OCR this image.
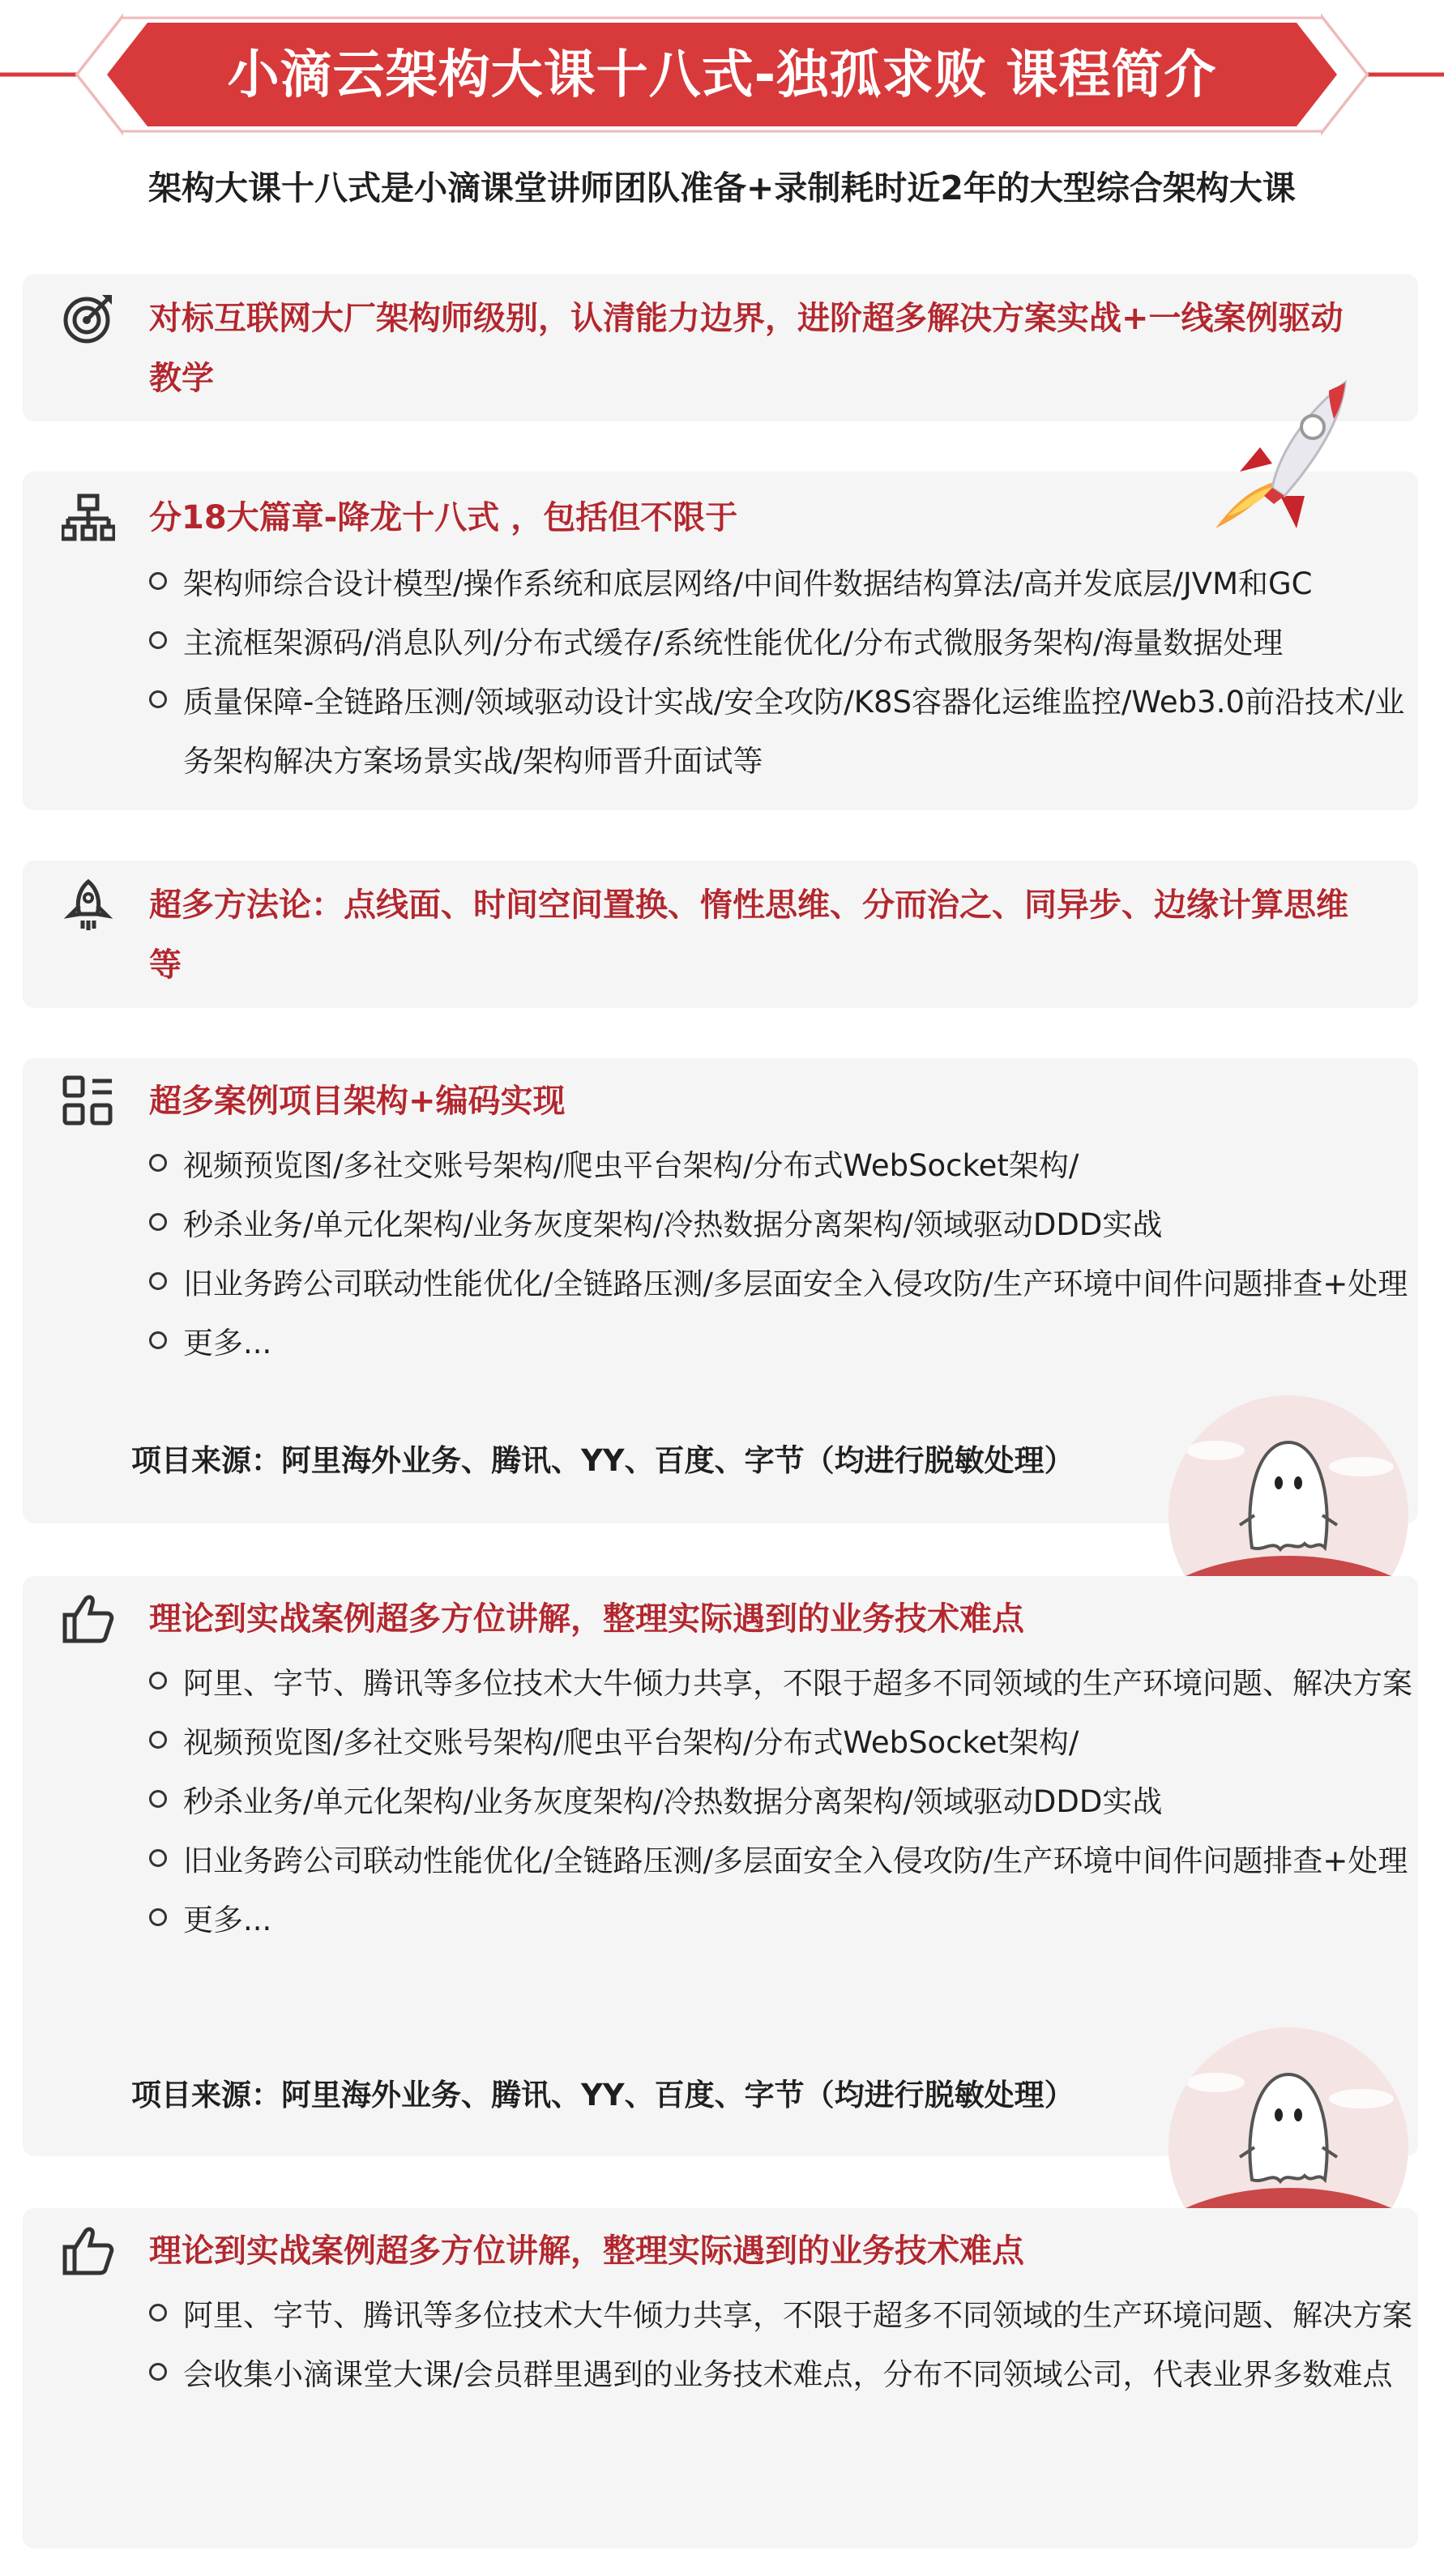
小滴云架构大课十八式-独孤求败 课程简介
架构大课十八式是小滴课堂讲师团队准备+录制耗时近2年的大型综合架构大课
对标互联网大厂架构师级别，认清能力边界，进阶超多解决方案实战+一线案例驱动教学
分18大篇章-降龙十八式 ，包括但不限于
架构师综合设计模型/操作系统和底层网络/中间件数据结构算法/高并发底层/JVM和GC
主流框架源码/消息队列/分布式缓存/系统性能优化/分布式微服务架构/海量数据处理
质量保障-全链路压测/领域驱动设计实战/安全攻防/K8S容器化运维监控/Web3.0前沿技术/业务架构解决方案场景实战/架构师晋升面试等
超多方法论：点线面、时间空间置换、惰性思维、分而治之、同异步、边缘计算思维等
超多案例项目架构+编码实现
视频预览图/多社交账号架构/爬虫平台架构/分布式WebSocket架构/
秒杀业务/单元化架构/业务灰度架构/冷热数据分离架构/领域驱动DDD实战
旧业务跨公司联动性能优化/全链路压测/多层面安全入侵攻防/生产环境中间件问题排查+处理
更多...
项目来源：阿里海外业务、腾讯、YY、百度、字节（均进行脱敏处理）
理论到实战案例超多方位讲解，整理实际遇到的业务技术难点
阿里、字节、腾讯等多位技术大牛倾力共享，不限于超多不同领域的生产环境问题、解决方案
视频预览图/多社交账号架构/爬虫平台架构/分布式WebSocket架构/
秒杀业务/单元化架构/业务灰度架构/冷热数据分离架构/领域驱动DDD实战
旧业务跨公司联动性能优化/全链路压测/多层面安全入侵攻防/生产环境中间件问题排查+处理
更多...
项目来源：阿里海外业务、腾讯、YY、百度、字节（均进行脱敏处理）
理论到实战案例超多方位讲解，整理实际遇到的业务技术难点
阿里、字节、腾讯等多位技术大牛倾力共享，不限于超多不同领域的生产环境问题、解决方案
会收集小滴课堂大课/会员群里遇到的业务技术难点，分布不同领域公司，代表业界多数难点
